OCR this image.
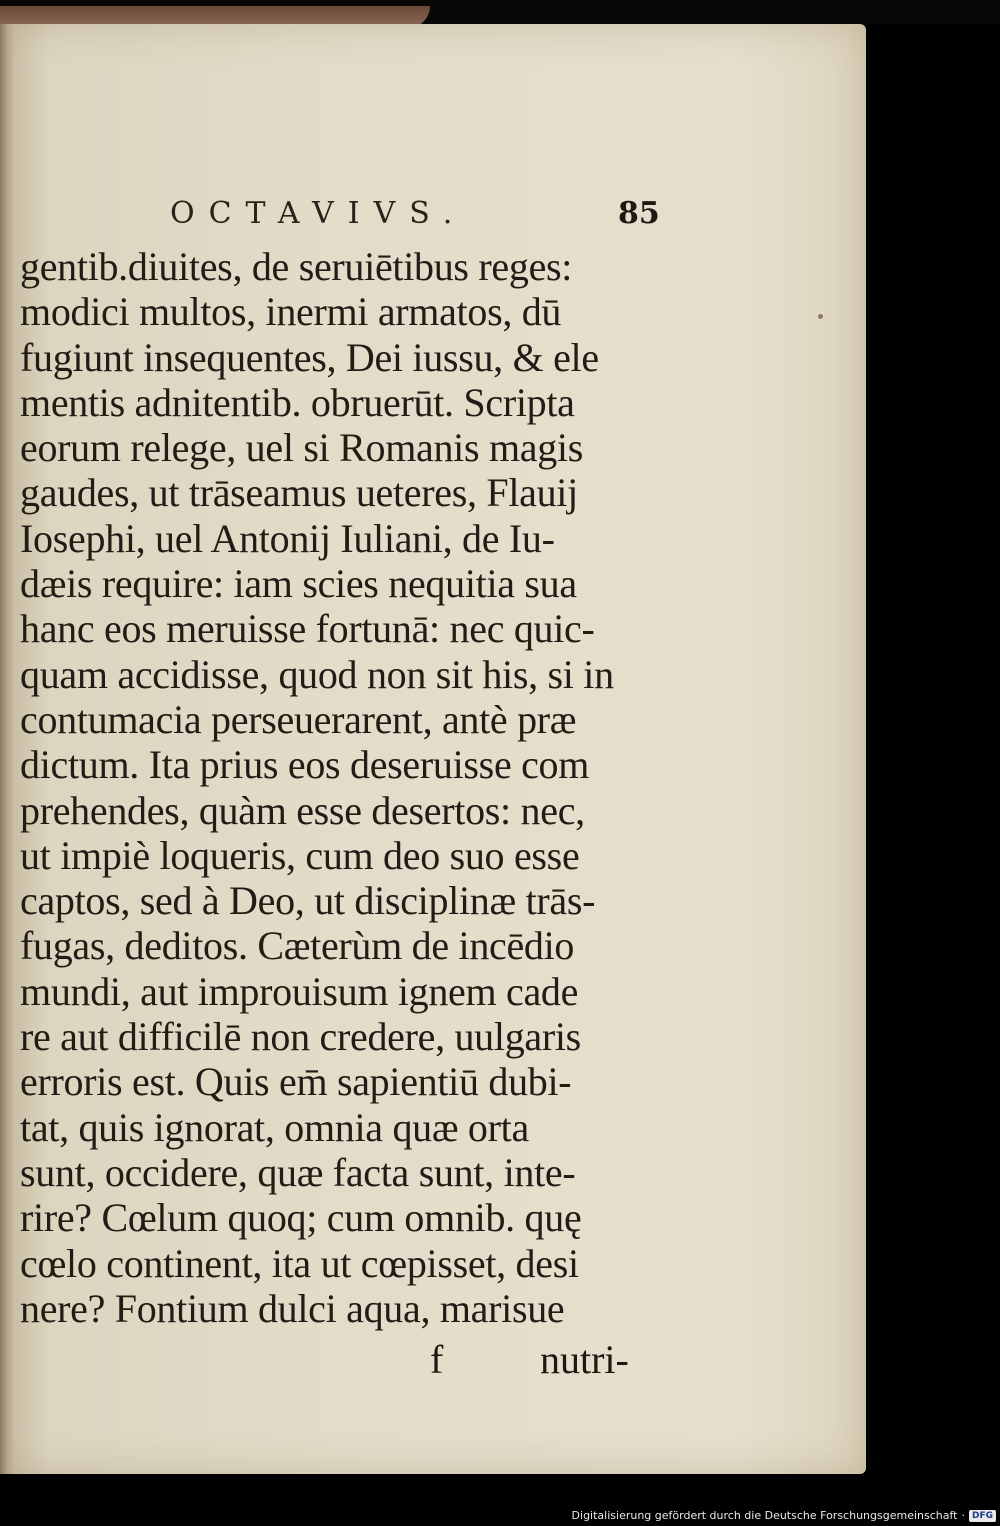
OCTAVIVS.	85
gentib.diuites, de seruiētibus reges:
modici multos, inermi armatos, dū
fugiunt insequentes, Dei iussu, & ele
mentis adnitentib. obruerūt. Scripta
eorum relege, uel si Romanis magis
gaudes, ut trāseamus ueteres, Flauij
Iosephi, uel Antonij Iuliani, de Iu-
dæis require: iam scies nequitia sua
hanc eos meruisse fortunā: nec quic-
quam accidisse, quod non sit his, si in
contumacia perseuerarent, antè præ
dictum. Ita prius eos deseruisse com
prehendes, quàm esse desertos: nec,
ut impiè loqueris, cum deo suo esse
captos, sed à Deo, ut disciplinæ trās-
fugas, deditos. Cæterùm de incēdio
mundi, aut improuisum ignem cade
re aut difficilē non credere, uulgaris
erroris est. Quis em̄ sapientiū dubi-
tat, quis ignorat, omnia quæ orta
sunt, occidere, quæ facta sunt, inte-
rire? Cœlum quoq; cum omnib. quę
cœlo continent, ita ut cœpisset, desi
nere? Fontium dulci aqua, marisue
f nutri-
Digitalisierung gefördert durch die Deutsche Forschungsgemeinschaft · DFG
